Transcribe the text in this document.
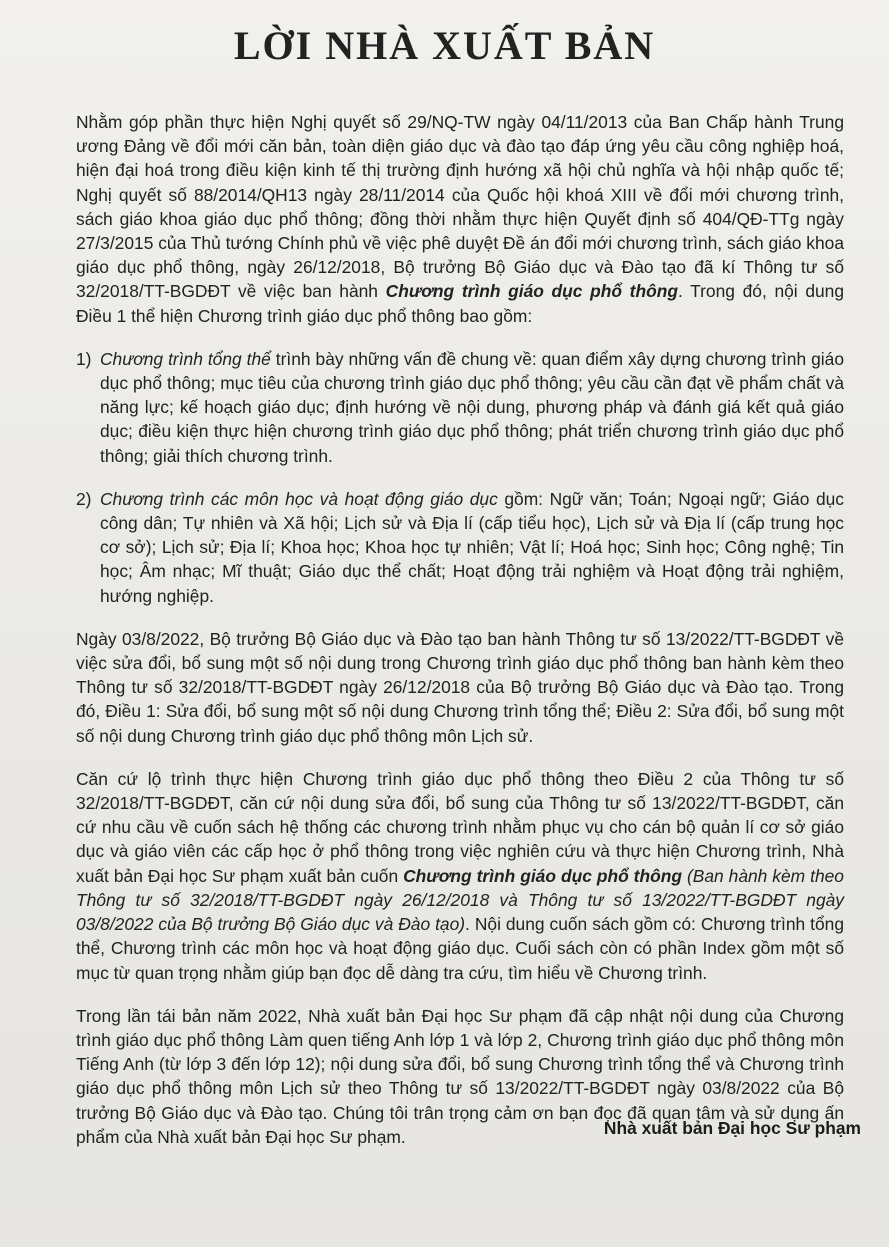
LỜI NHÀ XUẤT BẢN

Nhằm góp phần thực hiện Nghị quyết số 29/NQ-TW ngày 04/11/2013 của Ban Chấp hành Trung ương Đảng về đổi mới căn bản, toàn diện giáo dục và đào tạo đáp ứng yêu cầu công nghiệp hoá, hiện đại hoá trong điều kiện kinh tế thị trường định hướng xã hội chủ nghĩa và hội nhập quốc tế; Nghị quyết số 88/2014/QH13 ngày 28/11/2014 của Quốc hội khoá XIII về đổi mới chương trình, sách giáo khoa giáo dục phổ thông; đồng thời nhằm thực hiện Quyết định số 404/QĐ-TTg ngày 27/3/2015 của Thủ tướng Chính phủ về việc phê duyệt Đề án đổi mới chương trình, sách giáo khoa giáo dục phổ thông, ngày 26/12/2018, Bộ trưởng Bộ Giáo dục và Đào tạo đã kí Thông tư số 32/2018/TT-BGDĐT về việc ban hành Chương trình giáo dục phổ thông. Trong đó, nội dung Điều 1 thể hiện Chương trình giáo dục phổ thông bao gồm:

1) Chương trình tổng thể trình bày những vấn đề chung về: quan điểm xây dựng chương trình giáo dục phổ thông; mục tiêu của chương trình giáo dục phổ thông; yêu cầu cần đạt về phẩm chất và năng lực; kế hoạch giáo dục; định hướng về nội dung, phương pháp và đánh giá kết quả giáo dục; điều kiện thực hiện chương trình giáo dục phổ thông; phát triển chương trình giáo dục phổ thông; giải thích chương trình.
2) Chương trình các môn học và hoạt động giáo dục gồm: Ngữ văn; Toán; Ngoại ngữ; Giáo dục công dân; Tự nhiên và Xã hội; Lịch sử và Địa lí (cấp tiểu học), Lịch sử và Địa lí (cấp trung học cơ sở); Lịch sử; Địa lí; Khoa học; Khoa học tự nhiên; Vật lí; Hoá học; Sinh học; Công nghệ; Tin học; Âm nhạc; Mĩ thuật; Giáo dục thể chất; Hoạt động trải nghiệm và Hoạt động trải nghiệm, hướng nghiệp.

Ngày 03/8/2022, Bộ trưởng Bộ Giáo dục và Đào tạo ban hành Thông tư số 13/2022/TT-BGDĐT về việc sửa đổi, bổ sung một số nội dung trong Chương trình giáo dục phổ thông ban hành kèm theo Thông tư số 32/2018/TT-BGDĐT ngày 26/12/2018 của Bộ trưởng Bộ Giáo dục và Đào tạo. Trong đó, Điều 1: Sửa đổi, bổ sung một số nội dung Chương trình tổng thể; Điều 2: Sửa đổi, bổ sung một số nội dung Chương trình giáo dục phổ thông môn Lịch sử.

Căn cứ lộ trình thực hiện Chương trình giáo dục phổ thông theo Điều 2 của Thông tư số 32/2018/TT-BGDĐT, căn cứ nội dung sửa đổi, bổ sung của Thông tư số 13/2022/TT-BGDĐT, căn cứ nhu cầu về cuốn sách hệ thống các chương trình nhằm phục vụ cho cán bộ quản lí cơ sở giáo dục và giáo viên các cấp học ở phổ thông trong việc nghiên cứu và thực hiện Chương trình, Nhà xuất bản Đại học Sư phạm xuất bản cuốn Chương trình giáo dục phổ thông (Ban hành kèm theo Thông tư số 32/2018/TT-BGDĐT ngày 26/12/2018 và Thông tư số 13/2022/TT-BGDĐT ngày 03/8/2022 của Bộ trưởng Bộ Giáo dục và Đào tạo). Nội dung cuốn sách gồm có: Chương trình tổng thể, Chương trình các môn học và hoạt động giáo dục. Cuối sách còn có phần Index gồm một số mục từ quan trọng nhằm giúp bạn đọc dễ dàng tra cứu, tìm hiểu về Chương trình.

Trong lần tái bản năm 2022, Nhà xuất bản Đại học Sư phạm đã cập nhật nội dung của Chương trình giáo dục phổ thông Làm quen tiếng Anh lớp 1 và lớp 2, Chương trình giáo dục phổ thông môn Tiếng Anh (từ lớp 3 đến lớp 12); nội dung sửa đổi, bổ sung Chương trình tổng thể và Chương trình giáo dục phổ thông môn Lịch sử theo Thông tư số 13/2022/TT-BGDĐT ngày 03/8/2022 của Bộ trưởng Bộ Giáo dục và Đào tạo. Chúng tôi trân trọng cảm ơn bạn đọc đã quan tâm và sử dụng ấn phẩm của Nhà xuất bản Đại học Sư phạm.	Nhà xuất bản Đại học Sư phạm
